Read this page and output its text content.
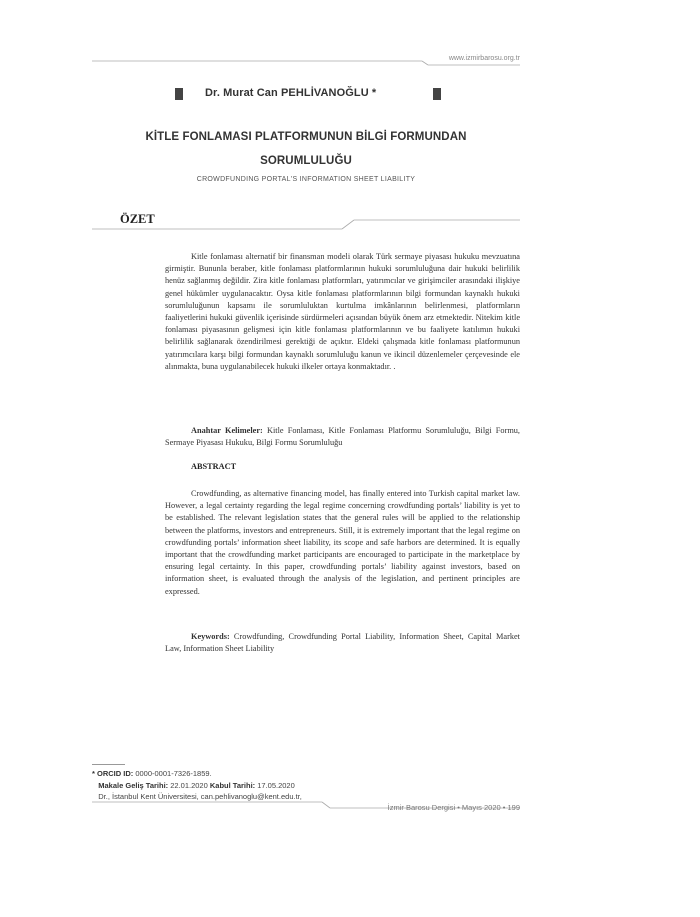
www.izmirbarosu.org.tr
Dr. Murat Can PEHLİVANOĞLU *
KİTLE FONLAMASI PLATFORMUNUN BİLGİ FORMUNDAN
SORUMLULUĞU
CROWDFUNDING PORTAL'S INFORMATION SHEET LIABILITY
ÖZET

Kitle fonlaması alternatif bir finansman modeli olarak Türk sermaye piyasası hukuku mevzuatına girmiştir. Bununla beraber, kitle fonlaması platformlarının hukuki sorumluluğuna dair hukuki belirlilik henüz sağlanmış değildir. Zira kitle fonlaması platformları, yatırımcılar ve girişimciler arasındaki ilişkiye genel hükümler uygulanacaktır. Oysa kitle fonlaması platformlarının bilgi formundan kaynaklı hukuki sorumluluğunun kapsamı ile sorumluluktan kurtulma imkânlarının belirlenmesi, platformların faaliyetlerini hukuki güvenlik içerisinde sürdürmeleri açısından büyük önem arz etmektedir. Nitekim kitle fonlaması piyasasının gelişmesi için kitle fonlaması platformlarının ve bu faaliyete katılımın hukuki belirlilik sağlanarak özendirilmesi gerektiği de açıktır. Eldeki çalışmada kitle fonlaması platformunun yatırımcılara karşı bilgi formundan kaynaklı sorumluluğu kanun ve ikincil düzenlemeler çerçevesinde ele alınmakta, buna uygulanabilecek hukuki ilkeler ortaya konmaktadır. .

Anahtar Kelimeler: Kitle Fonlaması, Kitle Fonlaması Platformu Sorumluluğu, Bilgi Formu, Sermaye Piyasası Hukuku, Bilgi Formu Sorumluluğu

ABSTRACT

Crowdfunding, as alternative financing model, has finally entered into Turkish capital market law. However, a legal certainty regarding the legal regime concerning crowdfunding portals’ liability is yet to be established. The relevant legislation states that the general rules will be applied to the relationship between the platforms, investors and entrepreneurs. Still, it is extremely important that the legal regime on crowdfunding portals’ information sheet liability, its scope and safe harbors are determined. It is equally important that the crowdfunding market participants are encouraged to participate in the marketplace by ensuring legal certainty. In this paper, crowdfunding portals’ liability against investors, based on information sheet, is evaluated through the analysis of the legislation, and pertinent principles are expressed.

Keywords: Crowdfunding, Crowdfunding Portal Liability, Information Sheet, Capital Market Law, Information Sheet Liability

* ORCID ID: 0000-0001-7326-1859.

Makale Geliş Tarihi: 22.01.2020 Kabul Tarihi: 17.05.2020

Dr., İstanbul Kent Üniversitesi, can.pehlivanoglu@kent.edu.tr,

İzmir Barosu Dergisi • Mayıs 2020 • 199
